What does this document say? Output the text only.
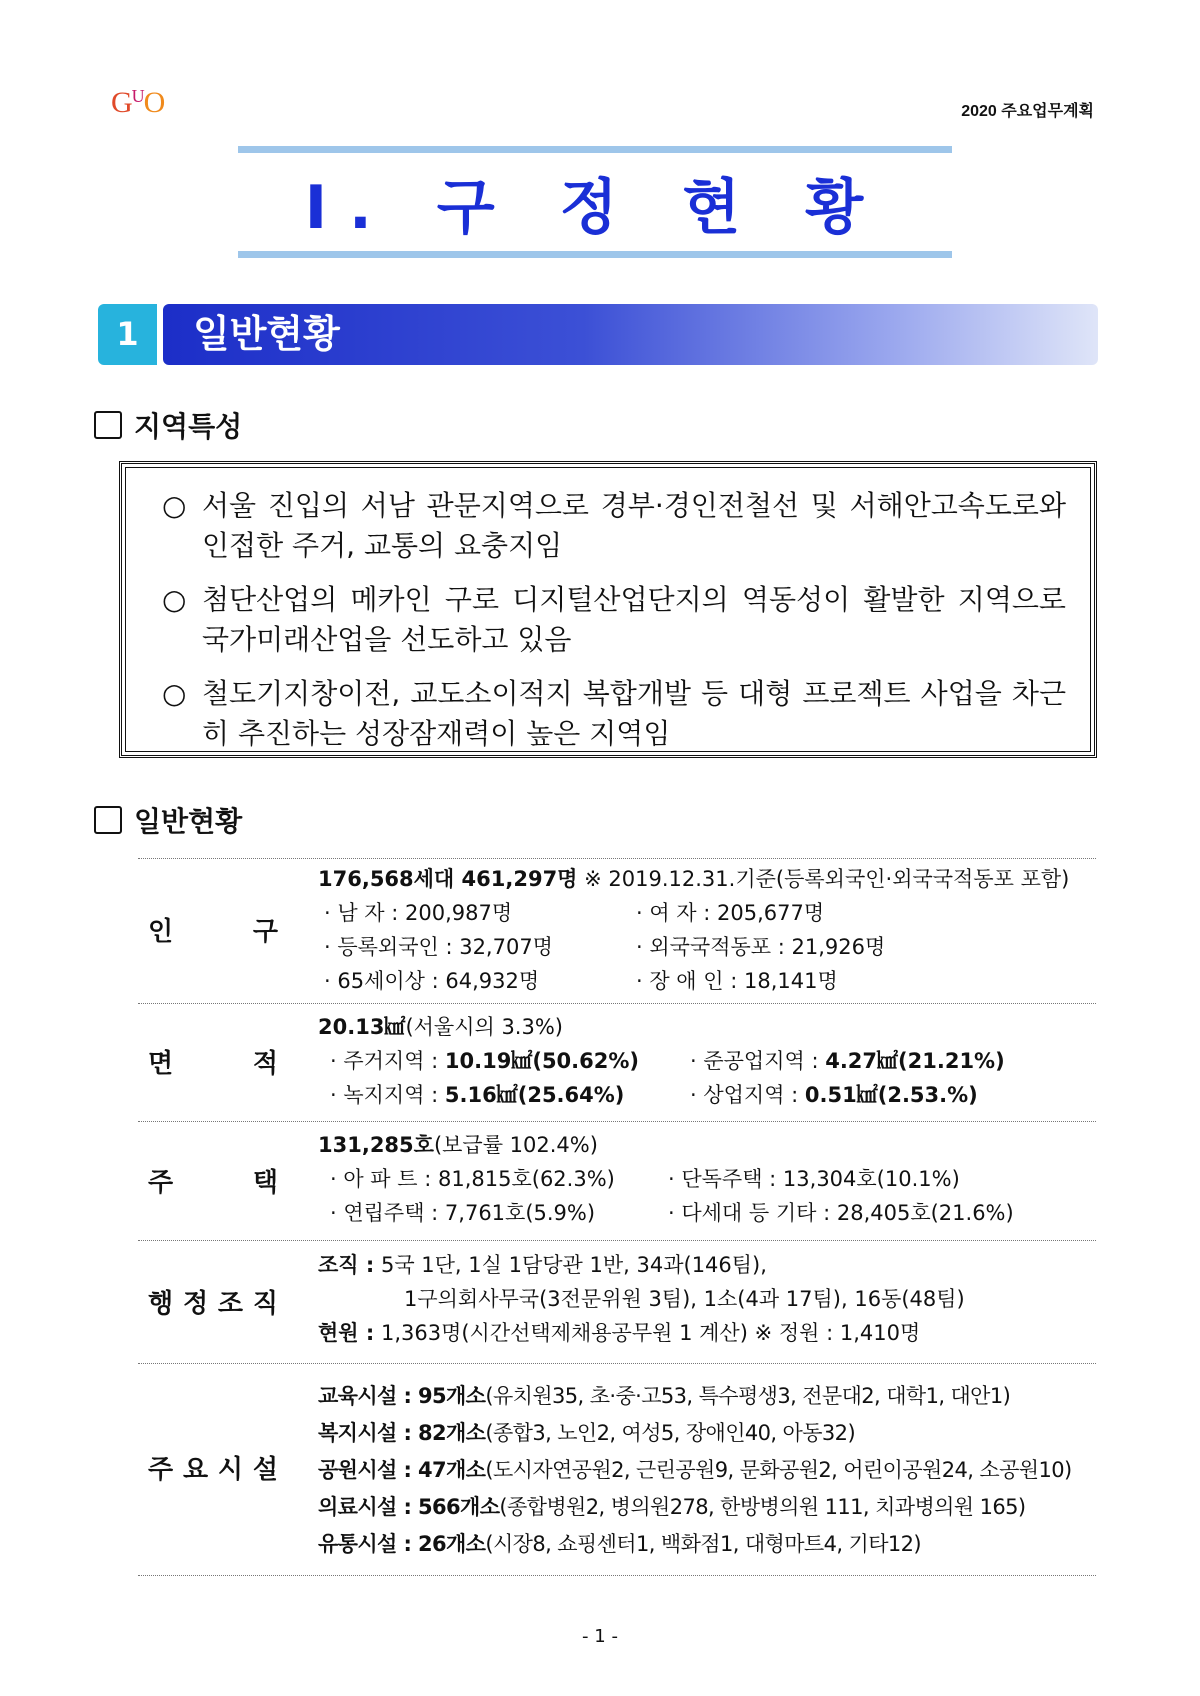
$G^UO$	2020 주요업무계획
Ⅰ. 구 정 현 황
1	일반현황
지역특성
○ 서울 진입의 서남 관문지역으로 경부·경인전철선 및 서해안고속도로와 인접한 주거, 교통의 요충지임
○ 첨단산업의 메카인 구로 디지털산업단지의 역동성이 활발한 지역으로 국가미래산업을 선도하고 있음
○ 철도기지창이전, 교도소이적지 복합개발 등 대형 프로젝트 사업을 차근히 추진하는 성장잠재력이 높은 지역임
일반현황
인	구
176,568세대 461,297명 ※ 2019.12.31.기준(등록외국인·외국국적동포 포함)
· 남 자 : 200,987명	· 여 자 : 205,677명
· 등록외국인 : 32,707명	· 외국국적동포 : 21,926명
· 65세이상 : 64,932명	· 장 애 인 : 18,141명
면	적
20.13㎢(서울시의 3.3%)
· 주거지역 : 10.19㎢(50.62%) · 준공업지역 : 4.27㎢(21.21%)
· 녹지지역 : 5.16㎢(25.64%)	· 상업지역 : 0.51㎢(2.53.%)
주	택
131,285호(보급률 102.4%)
· 아 파 트 : 81,815호(62.3%)	· 단독주택 : 13,304호(10.1%)
· 연립주택 : 7,761호(5.9%)	· 다세대 등 기타 : 28,405호(21.6%)
행 정 조 직
조직 : 5국 1단, 1실 1담당관 1반, 34과(146팀),
1구의회사무국(3전문위원 3팀), 1소(4과 17팀), 16동(48팀)
현원 : 1,363명(시간선택제채용공무원 1 계산) ※ 정원 : 1,410명
주 요 시 설
교육시설 : 95개소(유치원35, 초·중·고53, 특수평생3, 전문대2, 대학1, 대안1)
복지시설 : 82개소(종합3, 노인2, 여성5, 장애인40, 아동32)
공원시설 : 47개소(도시자연공원2, 근린공원9, 문화공원2, 어린이공원24, 소공원10)
의료시설 : 566개소(종합병원2, 병의원278, 한방병의원 111, 치과병의원 165)
유통시설 : 26개소(시장8, 쇼핑센터1, 백화점1, 대형마트4, 기타12)
- 1 -
